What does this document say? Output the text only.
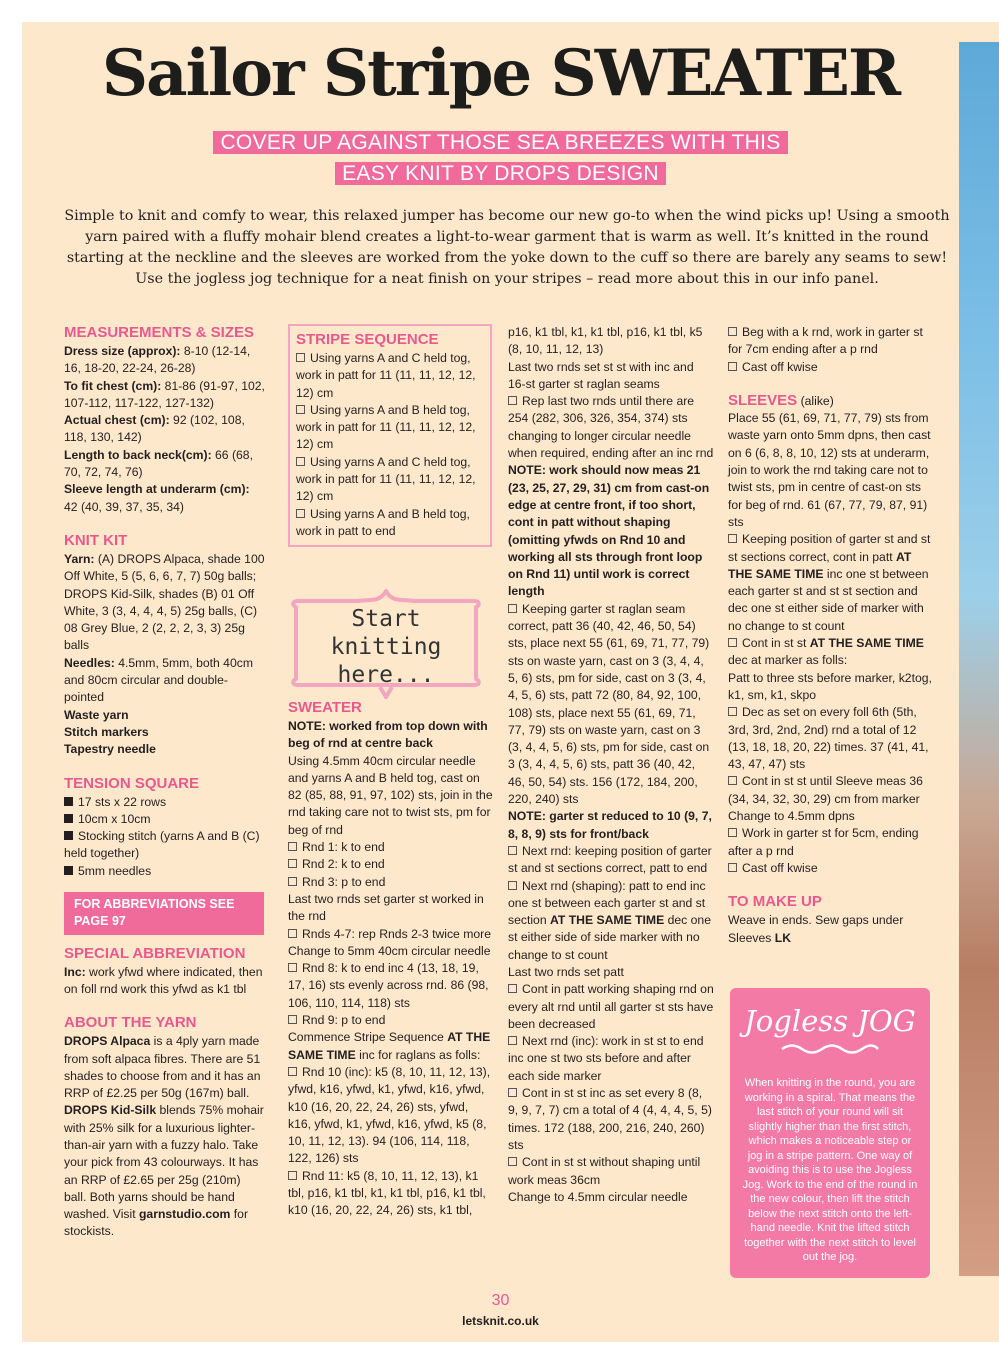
Sailor Stripe SWEATER
COVER UP AGAINST THOSE SEA BREEZES WITH THIS
EASY KNIT BY DROPS DESIGN

Simple to knit and comfy to wear, this relaxed jumper has become our new go-to when the wind picks up! Using a smooth yarn paired with a fluffy mohair blend creates a light-to-wear garment that is warm as well. It’s knitted in the round starting at the neckline and the sleeves are worked from the yoke down to the cuff so there are barely any seams to sew! Use the jogless jog technique for a neat finish on your stripes – read more about this in our info panel.

MEASUREMENTS & SIZES
Dress size (approx): 8-10 (12-14, 16, 18-20, 22-24, 26-28)
To fit chest (cm): 81-86 (91-97, 102, 107-112, 117-122, 127-132)
Actual chest (cm): 92 (102, 108, 118, 130, 142)
Length to back neck(cm): 66 (68, 70, 72, 74, 76)
Sleeve length at underarm (cm): 42 (40, 39, 37, 35, 34)
KNIT KIT
Yarn: (A) DROPS Alpaca, shade 100 Off White, 5 (5, 6, 6, 7, 7) 50g balls; DROPS Kid-Silk, shades (B) 01 Off White, 3 (3, 4, 4, 4, 5) 25g balls, (C) 08 Grey Blue, 2 (2, 2, 2, 3, 3) 25g balls
Needles: 4.5mm, 5mm, both 40cm and 80cm circular and double-pointed
Waste yarn
Stitch markers
Tapestry needle
TENSION SQUARE
17 sts x 22 rows
10cm x 10cm
Stocking stitch (yarns A and B (C) held together)
5mm needles
FOR ABBREVIATIONS SEE PAGE 97
SPECIAL ABBREVIATION
Inc: work yfwd where indicated, then on foll rnd work this yfwd as k1 tbl
ABOUT THE YARN
DROPS Alpaca is a 4ply yarn made from soft alpaca fibres. There are 51 shades to choose from and it has an RRP of £2.25 per 50g (167m) ball. DROPS Kid-Silk blends 75% mohair with 25% silk for a luxurious lighter-than-air yarn with a fuzzy halo. Take your pick from 43 colourways. It has an RRP of £2.65 per 25g (210m) ball. Both yarns should be hand washed. Visit garnstudio.com for stockists.
STRIPE SEQUENCE
Using yarns A and C held tog, work in patt for 11 (11, 11, 12, 12, 12) cm
Using yarns A and B held tog, work in patt for 11 (11, 11, 12, 12, 12) cm
Using yarns A and C held tog, work in patt for 11 (11, 11, 12, 12, 12) cm
Using yarns A and B held tog, work in patt to end
Start
knitting
here...
SWEATER
NOTE: worked from top down with beg of rnd at centre back
Using 4.5mm 40cm circular needle and yarns A and B held tog, cast on 82 (85, 88, 91, 97, 102) sts, join in the rnd taking care not to twist sts, pm for beg of rnd
Rnd 1: k to end
Rnd 2: k to end
Rnd 3: p to end
Last two rnds set garter st worked in the rnd
Rnds 4-7: rep Rnds 2-3 twice more
Change to 5mm 40cm circular needle
Rnd 8: k to end inc 4 (13, 18, 19, 17, 16) sts evenly across rnd. 86 (98, 106, 110, 114, 118) sts
Rnd 9: p to end
Commence Stripe Sequence AT THE SAME TIME inc for raglans as folls:
Rnd 10 (inc): k5 (8, 10, 11, 12, 13), yfwd, k16, yfwd, k1, yfwd, k16, yfwd, k10 (16, 20, 22, 24, 26) sts, yfwd, k16, yfwd, k1, yfwd, k16, yfwd, k5 (8, 10, 11, 12, 13). 94 (106, 114, 118, 122, 126) sts
Rnd 11: k5 (8, 10, 11, 12, 13), k1 tbl, p16, k1 tbl, k1, k1 tbl, p16, k1 tbl, k10 (16, 20, 22, 24, 26) sts, k1 tbl,
p16, k1 tbl, k1, k1 tbl, p16, k1 tbl, k5 (8, 10, 11, 12, 13)
Last two rnds set st st with inc and 16-st garter st raglan seams
Rep last two rnds until there are 254 (282, 306, 326, 354, 374) sts changing to longer circular needle when required, ending after an inc rnd
NOTE: work should now meas 21 (23, 25, 27, 29, 31) cm from cast-on edge at centre front, if too short, cont in patt without shaping (omitting yfwds on Rnd 10 and working all sts through front loop on Rnd 11) until work is correct length
Keeping garter st raglan seam correct, patt 36 (40, 42, 46, 50, 54) sts, place next 55 (61, 69, 71, 77, 79) sts on waste yarn, cast on 3 (3, 4, 4, 5, 6) sts, pm for side, cast on 3 (3, 4, 4, 5, 6) sts, patt 72 (80, 84, 92, 100, 108) sts, place next 55 (61, 69, 71, 77, 79) sts on waste yarn, cast on 3 (3, 4, 4, 5, 6) sts, pm for side, cast on 3 (3, 4, 4, 5, 6) sts, patt 36 (40, 42, 46, 50, 54) sts. 156 (172, 184, 200, 220, 240) sts
NOTE: garter st reduced to 10 (9, 7, 8, 8, 9) sts for front/back
Next rnd: keeping position of garter st and st sections correct, patt to end
Next rnd (shaping): patt to end inc one st between each garter st and st section AT THE SAME TIME dec one st either side of side marker with no change to st count
Last two rnds set patt
Cont in patt working shaping rnd on every alt rnd until all garter st sts have been decreased
Next rnd (inc): work in st st to end inc one st two sts before and after each side marker
Cont in st st inc as set every 8 (8, 9, 9, 7, 7) cm a total of 4 (4, 4, 4, 5, 5) times. 172 (188, 200, 216, 240, 260) sts
Cont in st st without shaping until work meas 36cm
Change to 4.5mm circular needle
Beg with a k rnd, work in garter st for 7cm ending after a p rnd
Cast off kwise
SLEEVES (alike)
Place 55 (61, 69, 71, 77, 79) sts from waste yarn onto 5mm dpns, then cast on 6 (6, 8, 8, 10, 12) sts at underarm, join to work the rnd taking care not to twist sts, pm in centre of cast-on sts for beg of rnd. 61 (67, 77, 79, 87, 91) sts
Keeping position of garter st and st st sections correct, cont in patt AT THE SAME TIME inc one st between each garter st and st st section and dec one st either side of marker with no change to st count
Cont in st st AT THE SAME TIME dec at marker as folls:
Patt to three sts before marker, k2tog, k1, sm, k1, skpo
Dec as set on every foll 6th (5th, 3rd, 3rd, 2nd, 2nd) rnd a total of 12 (13, 18, 18, 20, 22) times. 37 (41, 41, 43, 47, 47) sts
Cont in st st until Sleeve meas 36 (34, 34, 32, 30, 29) cm from marker
Change to 4.5mm dpns
Work in garter st for 5cm, ending after a p rnd
Cast off kwise
TO MAKE UP
Weave in ends. Sew gaps under Sleeves LK
Jogless JOG
When knitting in the round, you are working in a spiral. That means the last stitch of your round will sit slightly higher than the first stitch, which makes a noticeable step or jog in a stripe pattern. One way of avoiding this is to use the Jogless Jog. Work to the end of the round in the new colour, then lift the stitch below the next stitch onto the left-hand needle. Knit the lifted stitch together with the next stitch to level out the jog.
30
letsknit.co.uk
